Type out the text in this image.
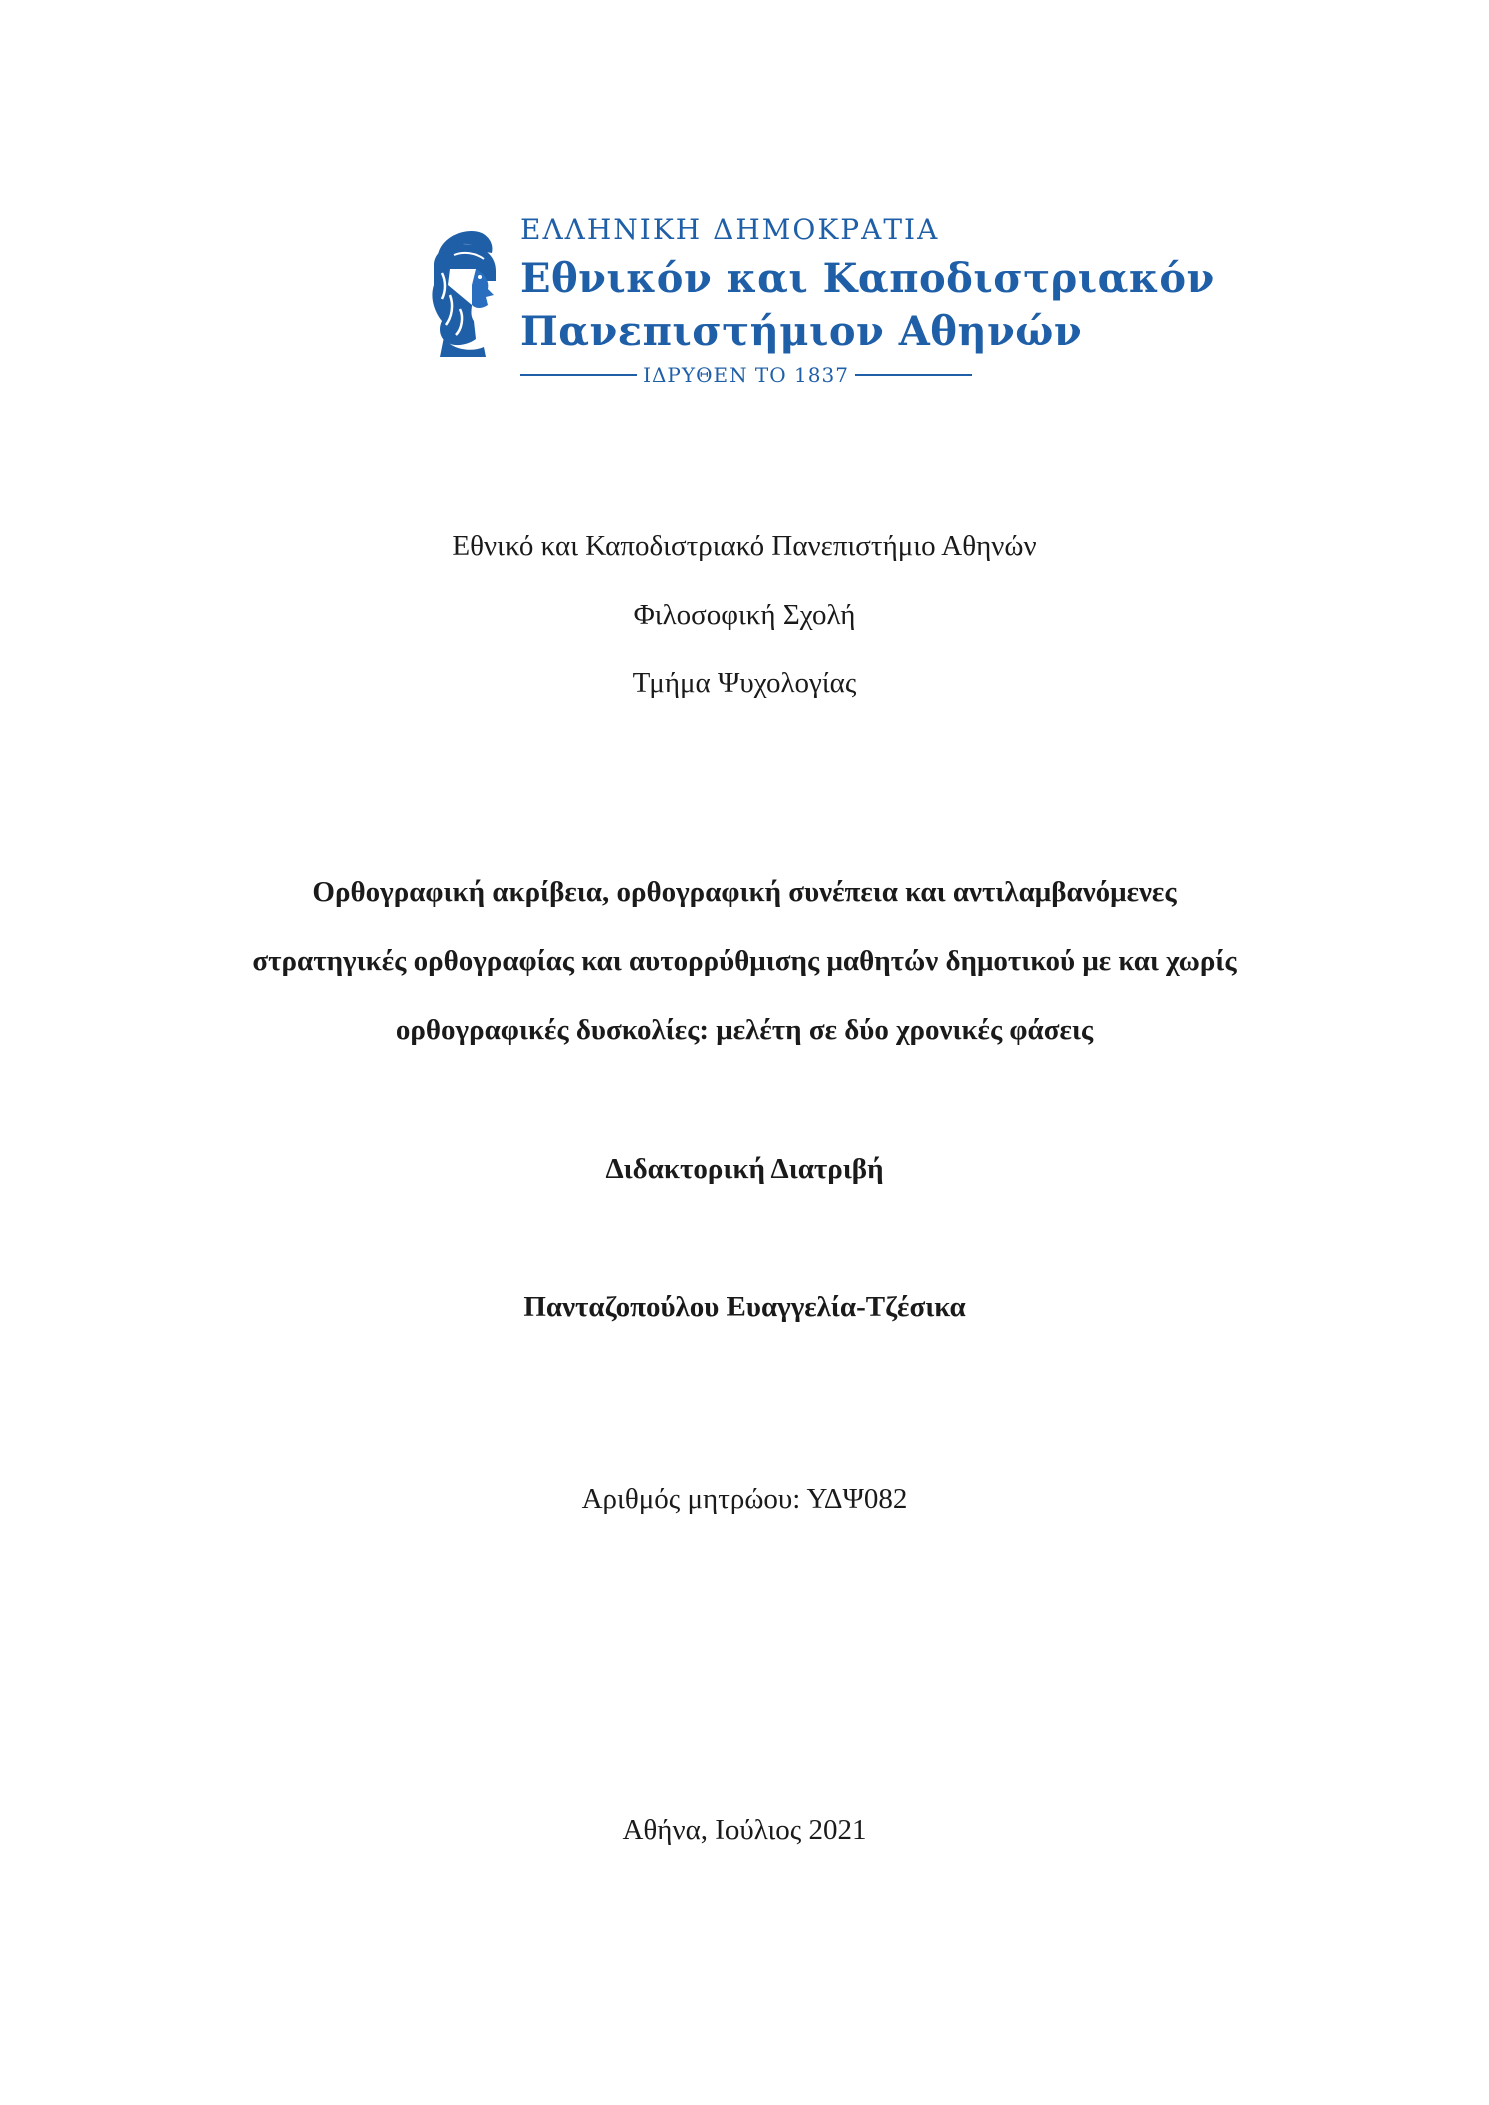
ΕΛΛΗΝΙΚΗ ΔΗΜΟΚΡΑΤΙΑ
Εθνικόν και Καποδιστριακόν
Πανεπιστήμιον Αθηνών
ΙΔΡΥΘΕΝ ΤΟ 1837
Εθνικό και Καποδιστριακό Πανεπιστήμιο Αθηνών
Φιλοσοφική Σχολή
Τμήμα Ψυχολογίας
Ορθογραφική ακρίβεια, ορθογραφική συνέπεια και αντιλαμβανόμενες
στρατηγικές ορθογραφίας και αυτορρύθμισης μαθητών δημοτικού με και χωρίς
ορθογραφικές δυσκολίες: μελέτη σε δύο χρονικές φάσεις
Διδακτορική Διατριβή
Πανταζοπούλου Ευαγγελία-Τζέσικα
Αριθμός μητρώου: ΥΔΨ082
Αθήνα, Ιούλιος 2021
